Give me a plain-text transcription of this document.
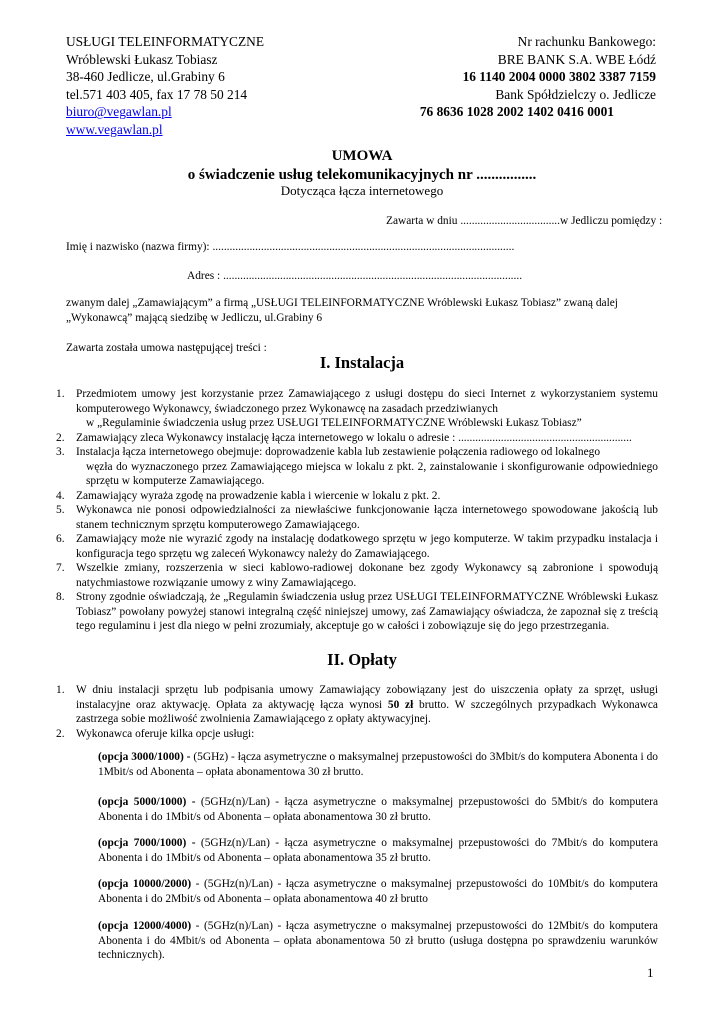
USŁUGI TELEINFORMATYCZNE
Wróblewski Łukasz Tobiasz
38-460 Jedlicze, ul.Grabiny 6
tel.571 403 405, fax 17 78 50 214
biuro@vegawlan.pl
www.vegawlan.pl
Nr rachunku Bankowego:
BRE BANK S.A. WBE Łódź
16 1140 2004 0000 3802 3387 7159
Bank Spółdzielczy o. Jedlicze
76 8636 1028 2002 1402 0416 0001
UMOWA
o świadczenie usług telekomunikacyjnych nr ................
Dotycząca łącza internetowego
Zawarta w dniu ...................................w Jedliczu pomiędzy :
Imię i nazwisko (nazwa firmy): ..........................................................................................................
Adres : .........................................................................................................
zwanym dalej „Zamawiającym” a firmą „USŁUGI TELEINFORMATYCZNE Wróblewski Łukasz Tobiasz” zwaną dalej
„Wykonawcą” mającą siedzibę w Jedliczu, ul.Grabiny 6
Zawarta została umowa następującej treści :
I. Instalacja
1. Przedmiotem umowy jest korzystanie przez Zamawiającego z usługi dostępu do sieci Internet z wykorzystaniem systemu komputerowego Wykonawcy, świadczonego przez Wykonawcę na zasadach przedziwianych
w „Regulaminie świadczenia usług przez USŁUGI TELEINFORMATYCZNE Wróblewski Łukasz Tobiasz”
2. Zamawiający zleca Wykonawcy instalację łącza internetowego w lokalu o adresie : .............................................................
3. Instalacja łącza internetowego obejmuje: doprowadzenie kabla lub zestawienie połączenia radiowego od lokalnego
węzła do wyznaczonego przez Zamawiającego miejsca w lokalu z pkt. 2, zainstalowanie i skonfigurowanie odpowiedniego sprzętu w komputerze Zamawiającego.
4. Zamawiający wyraża zgodę na prowadzenie kabla i wiercenie w lokalu z pkt. 2.
5. Wykonawca nie ponosi odpowiedzialności za niewłaściwe funkcjonowanie łącza internetowego spowodowane jakością lub stanem technicznym sprzętu komputerowego Zamawiającego.
6. Zamawiający może nie wyrazić zgody na instalację dodatkowego sprzętu w jego komputerze. W takim przypadku instalacja i konfiguracja tego sprzętu wg zaleceń Wykonawcy należy do Zamawiającego.
7. Wszelkie zmiany, rozszerzenia w sieci kablowo-radiowej dokonane bez zgody Wykonawcy są zabronione i spowodują natychmiastowe rozwiązanie umowy z winy Zamawiającego.
8. Strony zgodnie oświadczają, że „Regulamin świadczenia usług przez USŁUGI TELEINFORMATYCZNE Wróblewski Łukasz Tobiasz” powołany powyżej stanowi integralną część niniejszej umowy, zaś Zamawiający oświadcza, że zapoznał się z treścią tego regulaminu i jest dla niego w pełni zrozumiały, akceptuje go w całości i zobowiązuje się do jego przestrzegania.
II. Opłaty
1. W dniu instalacji sprzętu lub podpisania umowy Zamawiający zobowiązany jest do uiszczenia opłaty za sprzęt, usługi instalacyjne oraz aktywację. Opłata za aktywację łącza wynosi 50 zł brutto. W szczególnych przypadkach Wykonawca zastrzega sobie możliwość zwolnienia Zamawiającego z opłaty aktywacyjnej.
2. Wykonawca oferuje kilka opcje usługi:
(opcja 3000/1000) - (5GHz) - łącza asymetryczne o maksymalnej przepustowości do 3Mbit/s do komputera Abonenta i do 1Mbit/s od Abonenta – opłata abonamentowa 30 zł brutto.
(opcja 5000/1000) - (5GHz(n)/Lan) - łącza asymetryczne o maksymalnej przepustowości do 5Mbit/s do komputera Abonenta i do 1Mbit/s od Abonenta – opłata abonamentowa 30 zł brutto.
(opcja 7000/1000) - (5GHz(n)/Lan) - łącza asymetryczne o maksymalnej przepustowości do 7Mbit/s do komputera Abonenta i do 1Mbit/s od Abonenta – opłata abonamentowa 35 zł brutto.
(opcja 10000/2000) - (5GHz(n)/Lan) - łącza asymetryczne o maksymalnej przepustowości do 10Mbit/s do komputera Abonenta i do 2Mbit/s od Abonenta – opłata abonamentowa 40 zł brutto
(opcja 12000/4000) - (5GHz(n)/Lan) - łącza asymetryczne o maksymalnej przepustowości do 12Mbit/s do komputera Abonenta i do 4Mbit/s od Abonenta – opłata abonamentowa 50 zł brutto (usługa dostępna po sprawdzeniu warunków technicznych).
1
